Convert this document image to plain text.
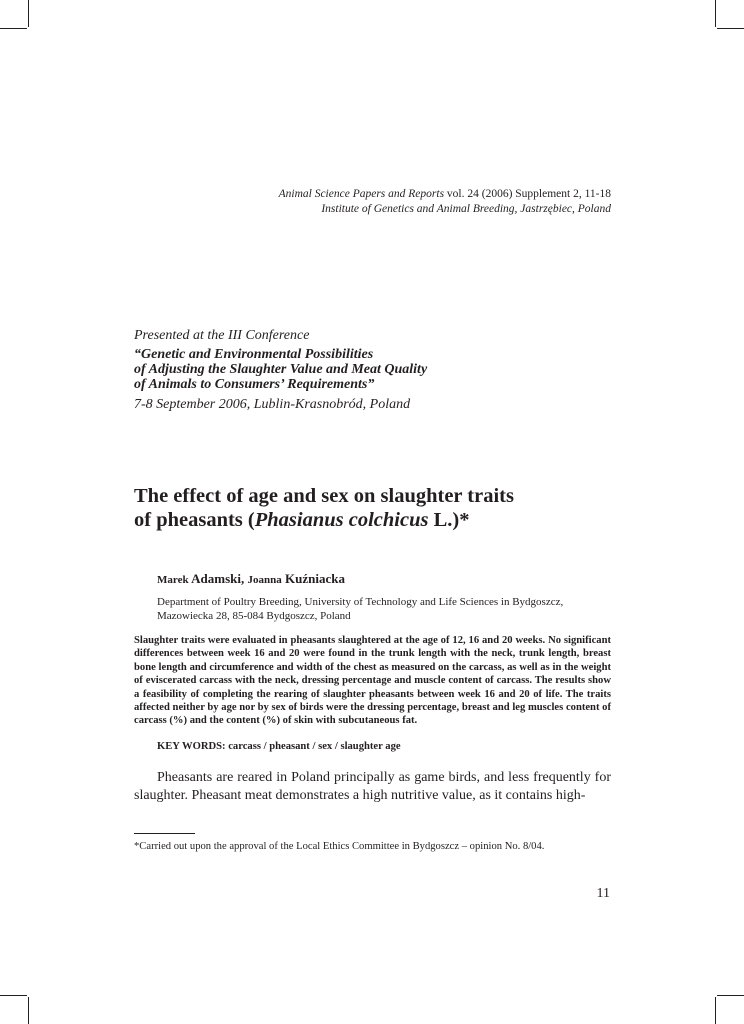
Animal Science Papers and Reports vol. 24 (2006) Supplement 2, 11-18
Institute of Genetics and Animal Breeding, Jastrzębiec, Poland
Presented at the III Conference
“Genetic and Environmental Possibilities
of Adjusting the Slaughter Value and Meat Quality
of Animals to Consumers’ Requirements”
7-8 September 2006, Lublin-Krasnobród, Poland
The effect of age and sex on slaughter traits
of pheasants (Phasianus colchicus L.)*
Marek Adamski, Joanna Kuźniacka
Department of Poultry Breeding, University of Technology and Life Sciences in Bydgoszcz,
Mazowiecka 28, 85-084 Bydgoszcz, Poland
Slaughter traits were evaluated in pheasants slaughtered at the age of 12, 16 and 20 weeks. No significant differences between week 16 and 20 were found in the trunk length with the neck, trunk length, breast bone length and circumference and width of the chest as measured on the carcass, as well as in the weight of eviscerated carcass with the neck, dressing percentage and muscle content of carcass. The results show a feasibility of completing the rearing of slaughter pheasants between week 16 and 20 of life. The traits affected neither by age nor by sex of birds were the dressing percentage, breast and leg muscles content of carcass (%) and the content (%) of skin with subcutaneous fat.
KEY WORDS: carcass / pheasant / sex / slaughter age

Pheasants are reared in Poland principally as game birds, and less frequently for slaughter. Pheasant meat demonstrates a high nutritive value, as it contains high-

*Carried out upon the approval of the Local Ethics Committee in Bydgoszcz – opinion No. 8/04.
11
